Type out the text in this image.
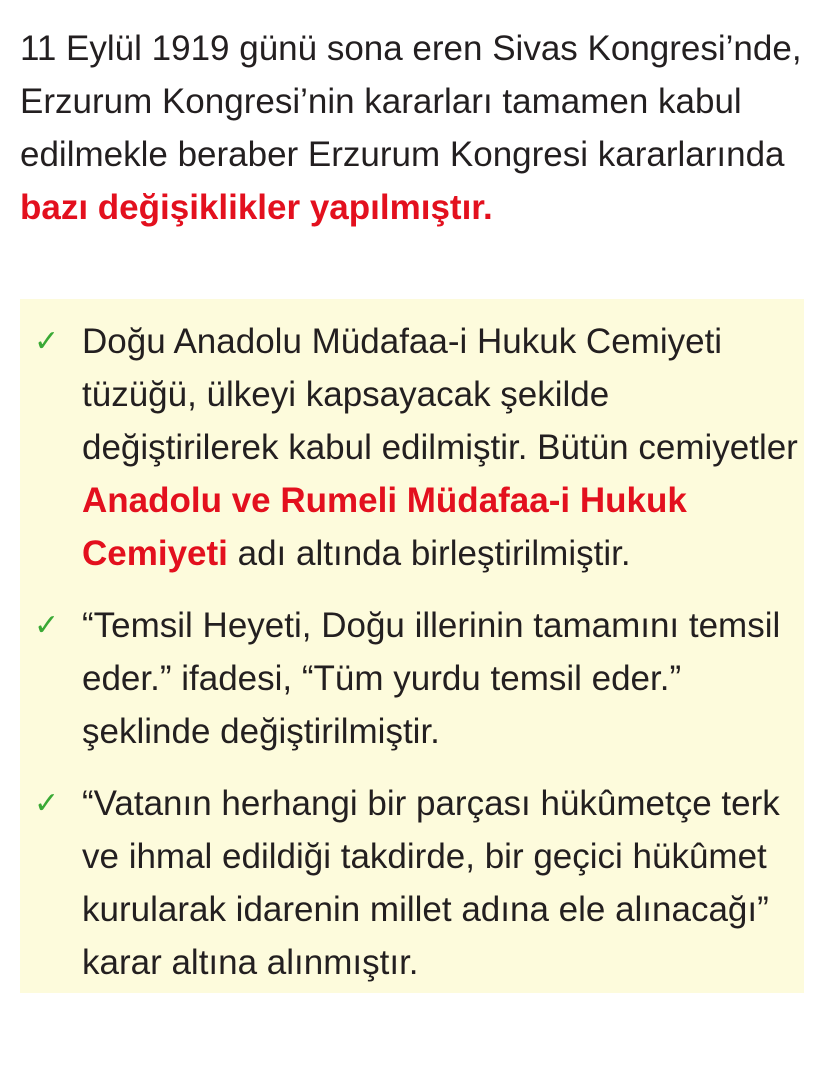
11 Eylül 1919 günü sona eren Sivas Kongresi’nde, Erzurum Kongresi’nin kararları tamamen kabul edilmekle beraber Erzurum Kongresi kararlarında bazı değişiklikler yapılmıştır.

✓ Doğu Anadolu Müdafaa-i Hukuk Cemiyeti tüzüğü, ülkeyi kapsayacak şekilde değiştirilerek kabul edilmiştir. Bütün cemiyetler Anadolu ve Rumeli Müdafaa-i Hukuk Cemiyeti adı altında birleştirilmiştir.

✓ “Temsil Heyeti, Doğu illerinin tamamını temsil eder.” ifadesi, “Tüm yurdu temsil eder.” şeklinde değiştirilmiştir.

✓ “Vatanın herhangi bir parçası hükûmetçe terk ve ihmal edildiği takdirde, bir geçici hükûmet kurularak idarenin millet adına ele alınacağı” karar altına alınmıştır.
